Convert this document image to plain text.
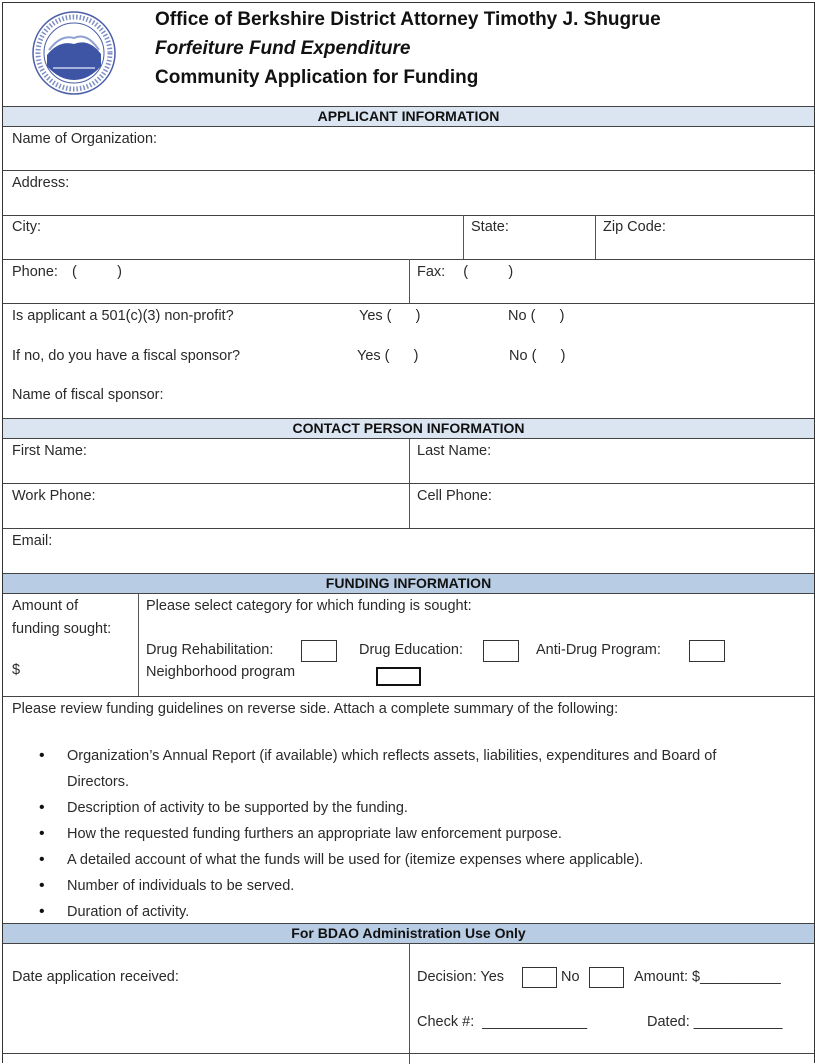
Office of Berkshire District Attorney Timothy J. Shugrue
Forfeiture Fund Expenditure
Community Application for Funding
APPLICANT INFORMATION
Name of Organization:
Address:
City:	State:	Zip Code:
Phone: (          )	Fax: (          )
Is applicant a 501(c)(3) non-profit?	Yes (      )	No (      )
If no, do you have a fiscal sponsor?	Yes (      )	No (      )
Name of fiscal sponsor:
CONTACT PERSON INFORMATION
First Name:	Last Name:
Work Phone:	Cell Phone:
Email:
FUNDING INFORMATION
Amount of
funding sought:
$
Please select category for which funding is sought:
Drug Rehabilitation:	Drug Education:	Anti-Drug Program:
Neighborhood program
Please review funding guidelines on reverse side. Attach a complete summary of the following:
• Organization’s Annual Report (if available) which reflects assets, liabilities, expenditures and Board of
Directors.
• Description of activity to be supported by the funding.
• How the requested funding furthers an appropriate law enforcement purpose.
• A detailed account of what the funds will be used for (itemize expenses where applicable).
• Number of individuals to be served.
• Duration of activity.
For BDAO Administration Use Only
Date application received:	Decision: Yes	No	Amount: $__________
Check #:  _____________	Dated: ___________
